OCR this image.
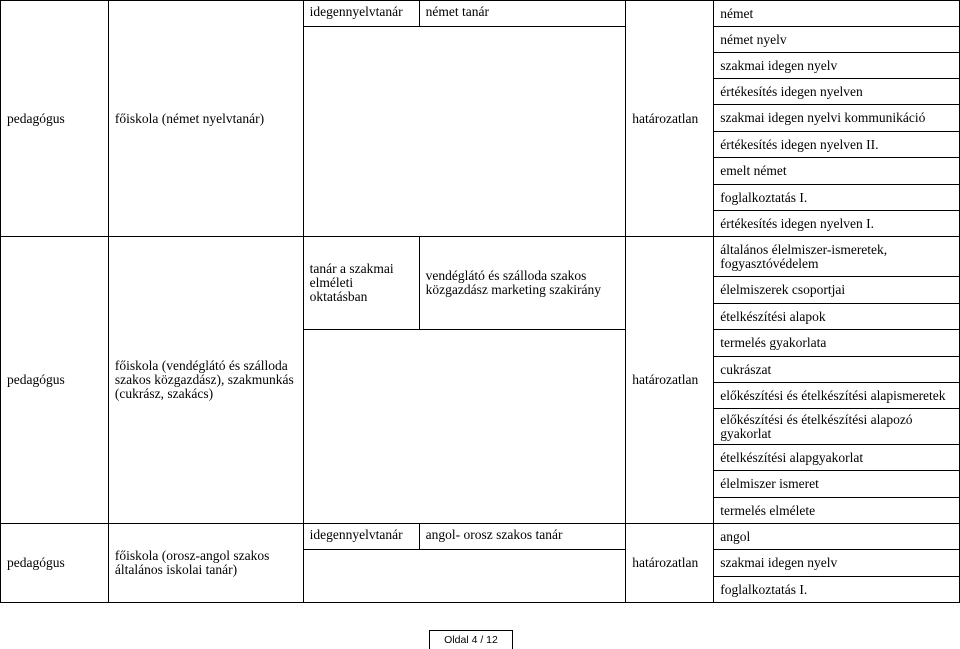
pedagógus	főiskola (német nyelvtanár)	idegennyelvtanár	német tanár	határozatlan	német
					német nyelv
					szakmai idegen nyelv
					értékesítés idegen nyelven
					szakmai idegen nyelvi kommunikáció
					értékesítés idegen nyelven II.
					emelt német
					foglalkoztatás I.
					értékesítés idegen nyelven I.
pedagógus	főiskola (vendéglátó és szálloda szakos közgazdász), szakmunkás (cukrász, szakács)	tanár a szakmai elméleti oktatásban	vendéglátó és szálloda szakos közgazdász marketing szakirány	határozatlan	általános élelmiszer-ismeretek, fogyasztóvédelem
					élelmiszerek csoportjai
					ételkészítési alapok
					termelés gyakorlata
					cukrászat
					előkészítési és ételkészítési alapismeretek
					előkészítési és ételkészítési alapozó gyakorlat
					ételkészítési alapgyakorlat
					élelmiszer ismeret
					termelés elmélete
pedagógus	főiskola (orosz-angol szakos általános iskolai tanár)	idegennyelvtanár	angol- orosz szakos tanár	határozatlan	angol
					szakmai idegen nyelv
					foglalkoztatás I.
Oldal 4 / 12
